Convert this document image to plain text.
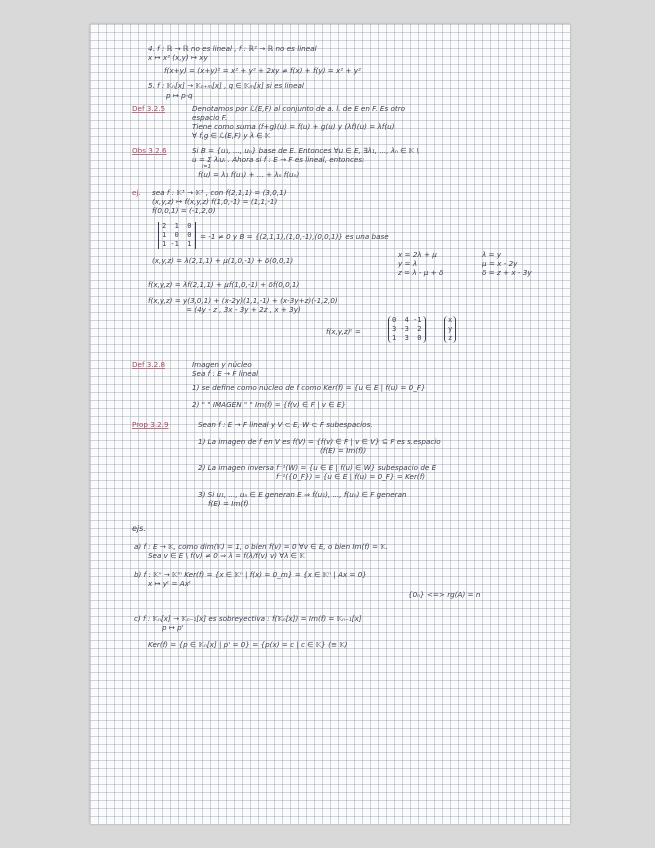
4. f : ℝ → ℝ no es lineal , f : ℝ² → ℝ no es lineal
x ↦ x² (x,y) ↦ xy
f(x+y) = (x+y)² = x² + y² + 2xy ≠ f(x) + f(y) = x² + y²
5. f : 𝕂ₙ[x] → 𝕂ₙ₊ₘ[x] , q ∈ 𝕂ₘ[x] si es lineal
p ↦ p·q
Def 3.2.5	Denotamos por ℒ(E,F) al conjunto de a. l. de E en F. Es otro
espacio F.
Tiene como suma (f+g)(u) = f(u) + g(u) y (λf)(u) = λf(u)
∀ f,g ∈ ℒ(E,F) y λ ∈ 𝕂
Obs 3.2.6	Si B = {u₁, ..., uₙ} base de E. Entonces ∀u ∈ E, ∃λ₁, ..., λₙ ∈ 𝕂 \
u = Σ λᵢuᵢ . Ahora si f : E → F es lineal, entonces:
i=1
f(u) = λ₁ f(u₁) + ... + λₙ f(uₙ)
ej. sea f : 𝕂³ → 𝕂³ , con f(2,1,1) = (3,0,1)
(x,y,z) ↦ f(x,y,z) f(1,0,-1) = (1,1,-1)
f(0,0,1) = (-1,2,0)
2  1  0
1  0  0
1 -1  1
= -1 ≠ 0 y B = {(2,1,1),(1,0,-1),(0,0,1)} es una base
(x,y,z) = λ(2,1,1) + μ(1,0,-1) + δ(0,0,1)
x = 2λ + μ
y = λ
z = λ - μ + δ
λ = y
μ = x - 2y
δ = z + x - 3y
f(x,y,z) = λf(2,1,1) + μf(1,0,-1) + δf(0,0,1)
f(x,y,z) = y(3,0,1) + (x-2y)(1,1,-1) + (x-3y+z)(-1,2,0)
= (4y - z , 3x - 3y + 2z , x + 3y)
f(x,y,z)ᵗ =
0  4 -1
3 -3  2
1  3  0
x
y
z
Def 3.2.8	Imagen y núcleo
Sea f : E → F lineal
1) se define como núcleo de f como Ker(f) = {u ∈ E | f(u) = 0_F}
2) " " IMAGEN " " Im(f) = {f(v) ∈ F | v ∈ E}
Prop 3.2.9	Sean f : E → F lineal y V ⊂ E, W ⊂ F subespacios.
1) La imagen de f en V es f(V) = {f(v) ∈ F | v ∈ V} ⊆ F es s.espacio
(f(E) = Im(f))
2) La imagen inversa f⁻¹(W) = {u ∈ E | f(u) ∈ W} subespacio de E
f⁻¹({0_F}) = {u ∈ E | f(u) = 0_F} = Ker(f)
3) Si u₁, ..., uₙ ∈ E generan E ⇒ f(u₁), ..., f(uₙ) ∈ F generan
f(E) = Im(f)
ejs.
a) f : E → 𝕂, como dim(𝕂) = 1, o bien f(v) = 0 ∀v ∈ E, o bien Im(f) = 𝕂.
Sea v ∈ E \ f(v) ≠ 0 ⇒ λ = f(λ/f(v) v) ∀λ ∈ 𝕂
b) f : 𝕂ⁿ → 𝕂ᵐ Ker(f) = {x ∈ 𝕂ⁿ | f(x) = 0_m} = {x ∈ 𝕂ⁿ | Ax = 0}
x ↦ yᵗ = Axᵗ
{0ₙ} <=> rg(A) = n
c) f : 𝕂ₙ[x] → 𝕂ₙ₋₁[x] es sobreyectiva : f(𝕂ₙ[x]) = Im(f) = 𝕂ₙ₋₁[x]
p ↦ p'
Ker(f) = {p ∈ 𝕂ₙ[x] | p' = 0} = {p(x) = c | c ∈ 𝕂} (≅ 𝕂)
